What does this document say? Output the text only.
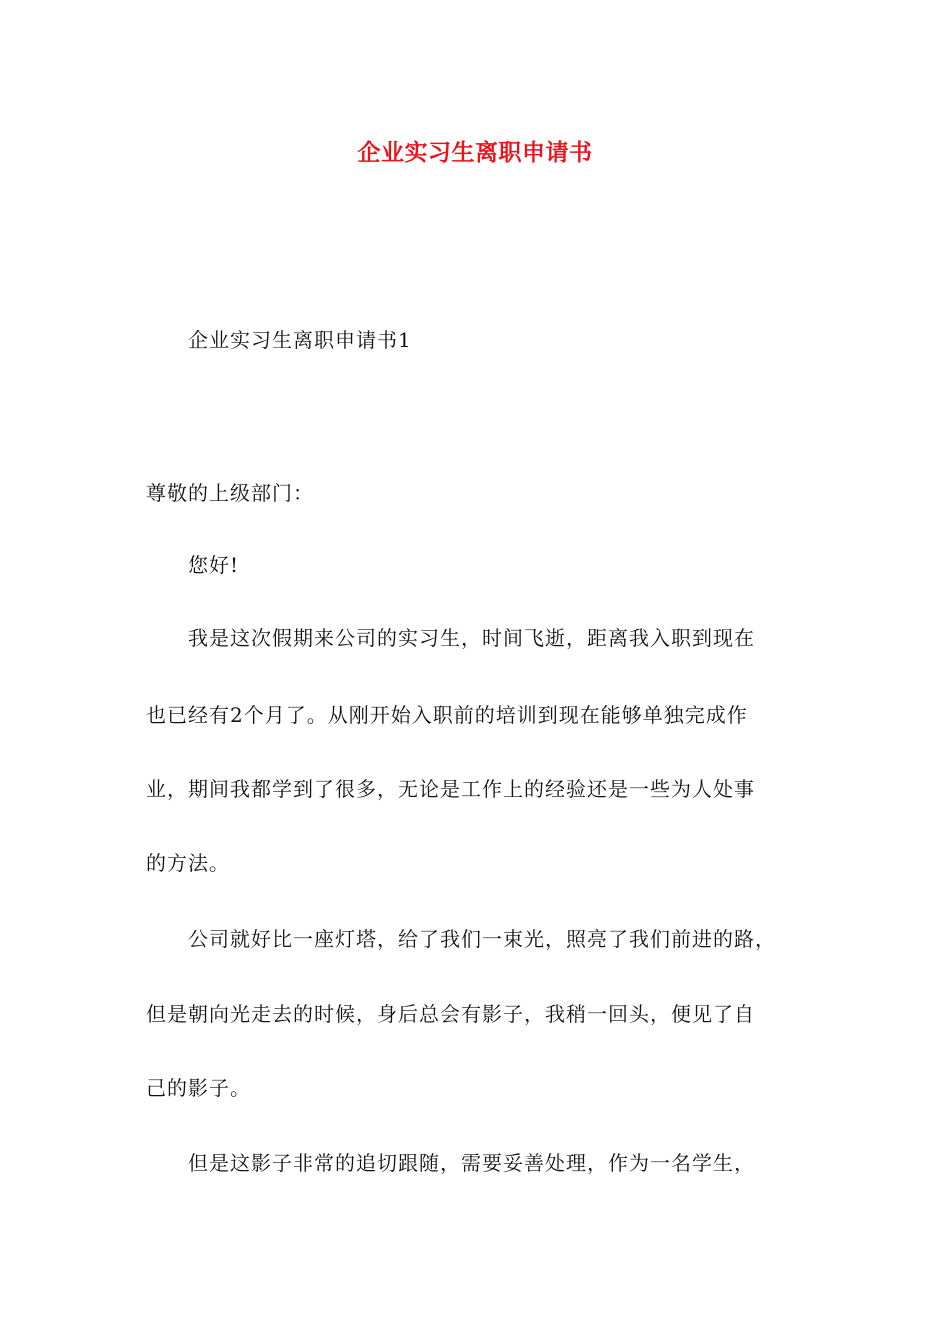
企业实习生离职申请书
企业实习生离职申请书1
尊敬的上级部门：
您好!
我是这次假期来公司的实习生，时间飞逝，距离我入职到现在
也已经有2个月了。从刚开始入职前的培训到现在能够单独完成作
业，期间我都学到了很多，无论是工作上的经验还是一些为人处事
的方法。
公司就好比一座灯塔，给了我们一束光，照亮了我们前进的路，
但是朝向光走去的时候，身后总会有影子，我稍一回头，便见了自
己的影子。
但是这影子非常的追切跟随，需要妥善处理，作为一名学生，
